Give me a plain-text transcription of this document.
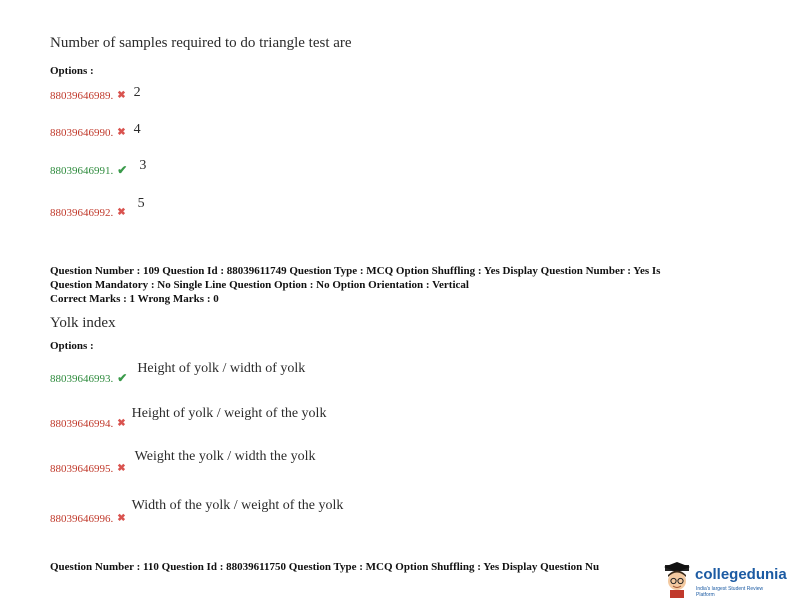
Number of samples required to do triangle test are
Options :
88039646989. ✖ 2
88039646990. ✖ 4
88039646991. ✔ 3
88039646992. ✖ 5
Question Number : 109 Question Id : 88039611749 Question Type : MCQ Option Shuffling : Yes Display Question Number : Yes Is
Question Mandatory : No Single Line Question Option : No Option Orientation : Vertical
Correct Marks : 1 Wrong Marks : 0
Yolk index
Options :
$_{88039646993.}$ ✔ Height of yolk / width of yolk
$_{88039646994.}$ ✖ Height of yolk / weight of the yolk
$_{88039646995.}$ ✖ Weight the yolk / width the yolk
$_{88039646996.}$ ✖ Width of the yolk / weight of the yolk
Question Number : 110 Question Id : 88039611750 Question Type : MCQ Option Shuffling : Yes Display Question Nu	collegedunia
India's largest Student Review Platform
